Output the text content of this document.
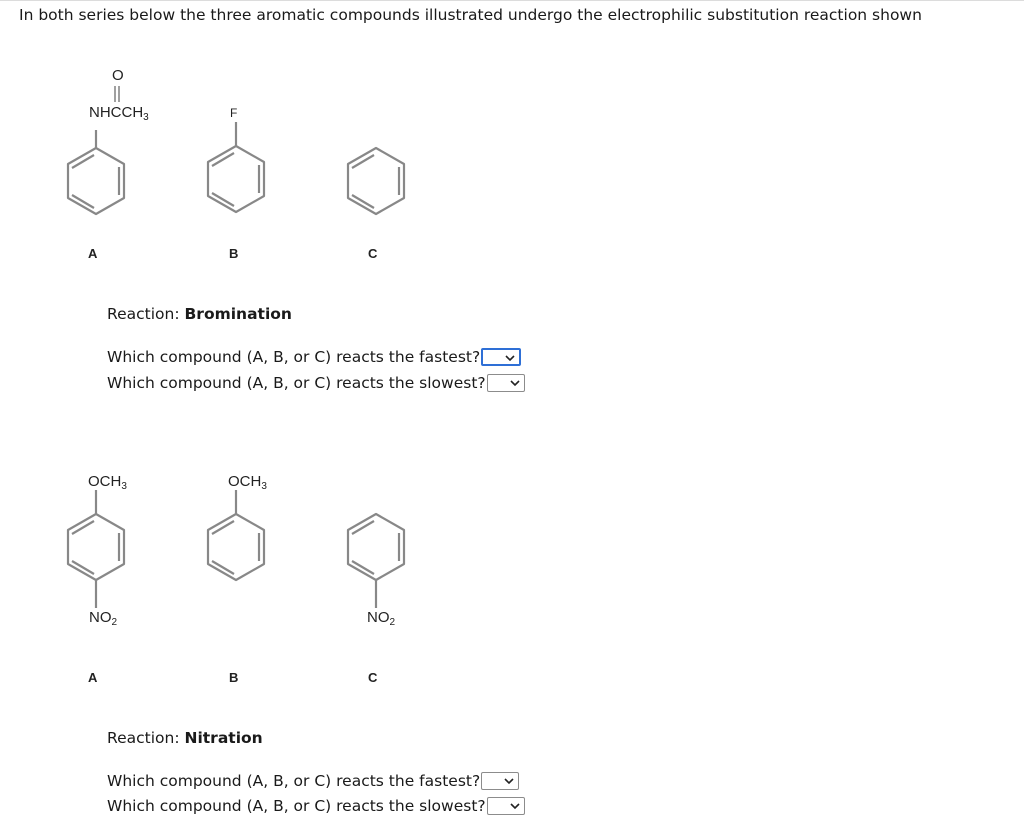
In both series below the three aromatic compounds illustrated undergo the electrophilic substitution reaction shown
O
$NHCCH_3$
A
F
B	C
Reaction: Bromination
Which compound (A, B, or C) reacts the fastest?
Which compound (A, B, or C) reacts the slowest?
$OCH_3$
$NO_2$
A
$OCH_3$
B
$NO_2$
C
Reaction: Nitration
Which compound (A, B, or C) reacts the fastest?
Which compound (A, B, or C) reacts the slowest?
